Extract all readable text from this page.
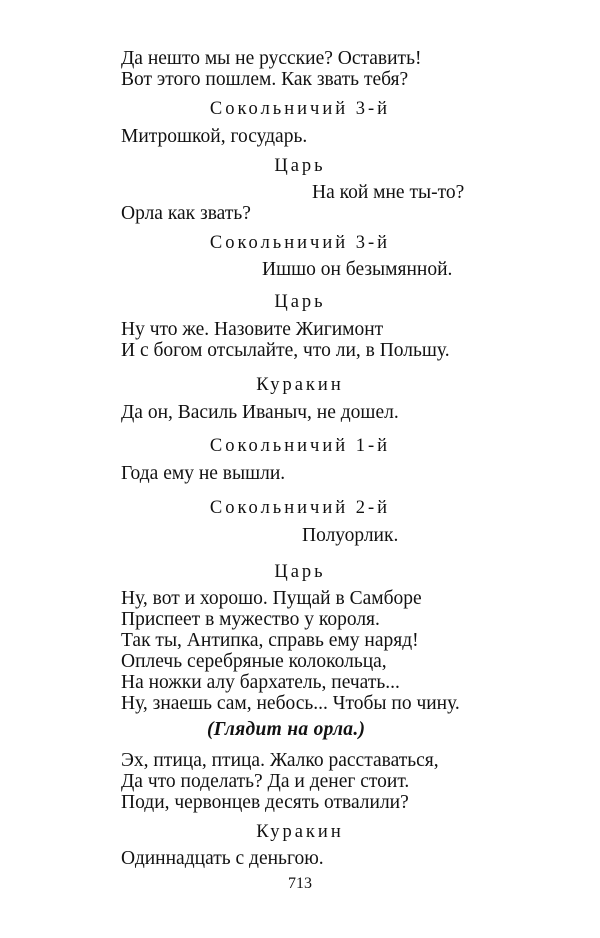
Да нешто мы не русские? Оставить!
Вот этого пошлем. Как звать тебя?
Сокольничий 3-й
Митрошкой, государь.
Царь
На кой мне ты-то?
Орла как звать?
Сокольничий 3-й
Ишшо он безымянной.
Царь
Ну что же. Назовите Жигимонт
И с богом отсылайте, что ли, в Польшу.
Куракин
Да он, Василь Иваныч, не дошел.
Сокольничий 1-й
Года ему не вышли.
Сокольничий 2-й
Полуорлик.
Царь
Ну, вот и хорошо. Пущай в Самборе
Приспеет в мужество у короля.
Так ты, Антипка, справь ему наряд!
Оплечь серебряные колокольца,
На ножки алу бархатель, печать...
Ну, знаешь сам, небось... Чтобы по чину.
(Глядит на орла.)
Эх, птица, птица. Жалко расставаться,
Да что поделать? Да и денег стоит.
Поди, червонцев десять отвалили?
Куракин
Одиннадцать с деньгою.
713
